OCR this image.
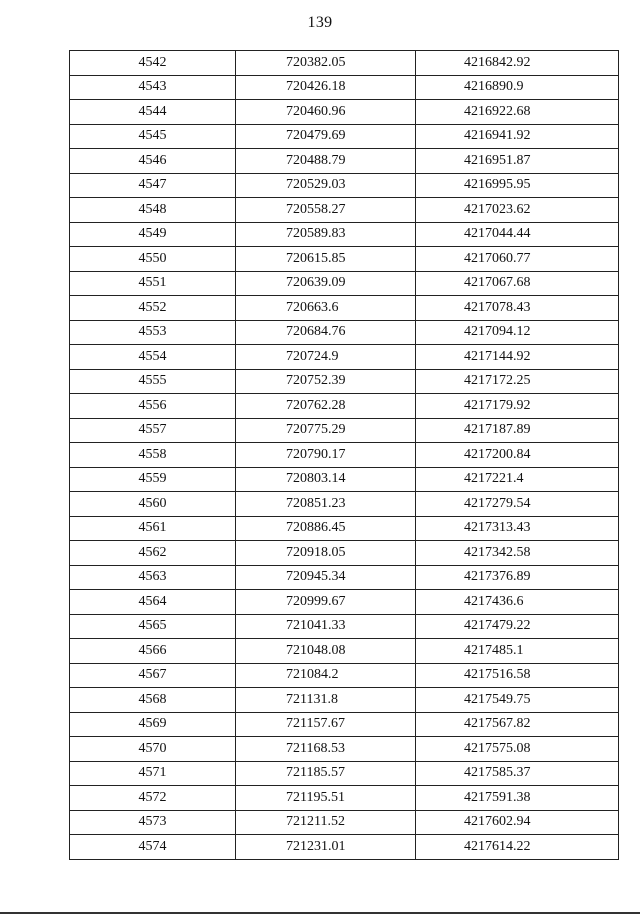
139
4542	720382.05	4216842.92
4543	720426.18	4216890.9
4544	720460.96	4216922.68
4545	720479.69	4216941.92
4546	720488.79	4216951.87
4547	720529.03	4216995.95
4548	720558.27	4217023.62
4549	720589.83	4217044.44
4550	720615.85	4217060.77
4551	720639.09	4217067.68
4552	720663.6	4217078.43
4553	720684.76	4217094.12
4554	720724.9	4217144.92
4555	720752.39	4217172.25
4556	720762.28	4217179.92
4557	720775.29	4217187.89
4558	720790.17	4217200.84
4559	720803.14	4217221.4
4560	720851.23	4217279.54
4561	720886.45	4217313.43
4562	720918.05	4217342.58
4563	720945.34	4217376.89
4564	720999.67	4217436.6
4565	721041.33	4217479.22
4566	721048.08	4217485.1
4567	721084.2	4217516.58
4568	721131.8	4217549.75
4569	721157.67	4217567.82
4570	721168.53	4217575.08
4571	721185.57	4217585.37
4572	721195.51	4217591.38
4573	721211.52	4217602.94
4574	721231.01	4217614.22
